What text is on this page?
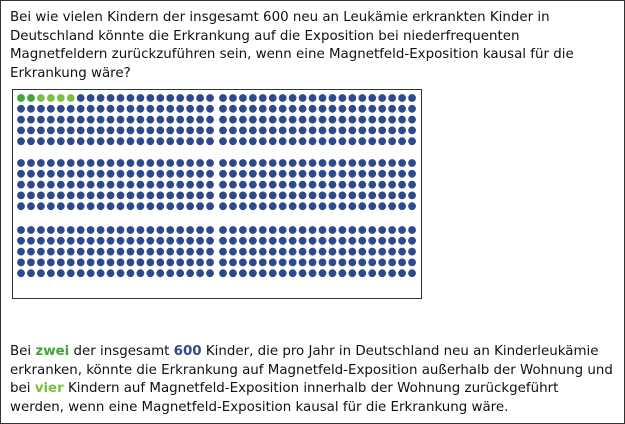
Bei wie vielen Kindern der insgesamt 600 neu an Leukämie erkrankten Kinder in Deutschland könnte die Erkrankung auf die Exposition bei niederfrequenten Magnetfeldern zurückzuführen sein, wenn eine Magnetfeld-Exposition kausal für die Erkrankung wäre?

Bei zwei der insgesamt 600 Kinder, die pro Jahr in Deutschland neu an Kinderleukämie erkranken, könnte die Erkrankung auf Magnetfeld-Exposition außerhalb der Wohnung und bei vier Kindern auf Magnetfeld-Exposition innerhalb der Wohnung zurückgeführt werden, wenn eine Magnetfeld-Exposition kausal für die Erkrankung wäre.
